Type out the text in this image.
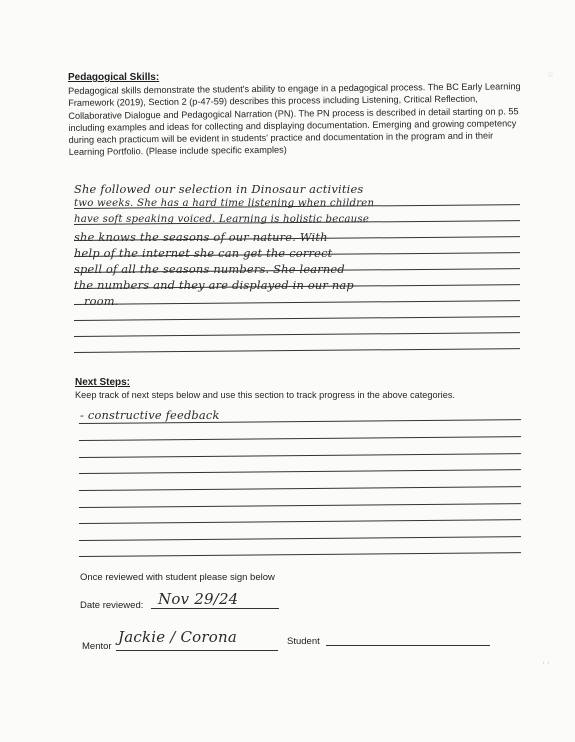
◌
Pedagogical Skills:

Pedagogical skills demonstrate the student's ability to engage in a pedagogical process. The BC Early Learning Framework (2019), Section 2 (p-47-59) describes this process including Listening, Critical Reflection, Collaborative Dialogue and Pedagogical Narration (PN). The PN process is described in detail starting on p. 55 including examples and ideas for collecting and displaying documentation. Emerging and growing competency during each practicum will be evident in students' practice and documentation in the program and in their Learning Portfolio. (Please include specific examples)

She followed our selection in Dinosaur activities
two weeks. She has a hard time listening when children
have soft speaking voiced. Learning is holistic because
she knows the seasons of our nature. With
help of the internet she can get the correct
spell of all the seasons numbers. She learned
the numbers and they are displayed in our nap
room.
Next Steps:

Keep track of next steps below and use this section to track progress in the above categories.

- constructive feedback
Once reviewed with student please sign below
Date reviewed: Nov 29/24
Mentor
Jackie / Corona	Student
ˌ ˌ
